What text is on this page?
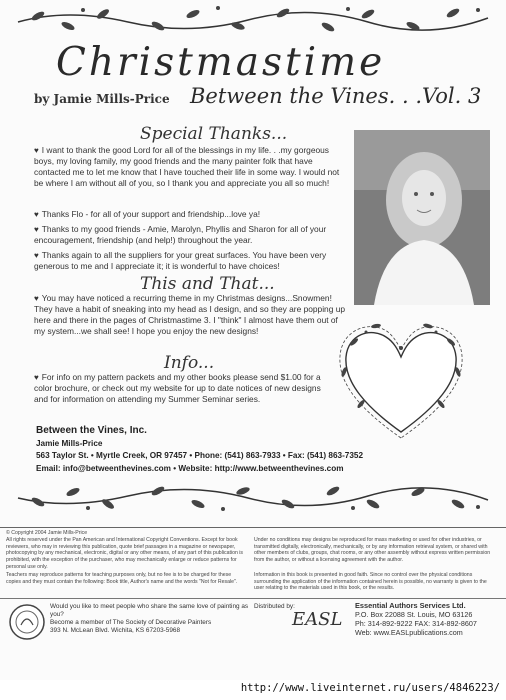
Christmastime
by Jamie Mills-Price Between the Vines. . .Vol. 3
Special Thanks...
♥ I want to thank the good Lord for all of the blessings in my life. . .my gorgeous boys, my loving family, my good friends and the many painter folk that have contacted me to let me know that I have touched their life in some way. I would not be where I am without all of you, so I thank you and appreciate you all so much!
♥ Thanks Flo - for all of your support and friendship...love ya!
♥ Thanks to my good friends - Amie, Marolyn, Phyllis and Sharon for all of your encouragement, friendship (and help!) throughout the year.
♥ Thanks again to all the suppliers for your great surfaces. You have been very generous to me and I appreciate it; it is wonderful to have choices!
This and That...
♥ You may have noticed a recurring theme in my Christmas designs...Snowmen! They have a habit of sneaking into my head as I design, and so they are popping up here and there in the pages of Christmastime 3. I "think" I almost have them out of my system...we shall see! I hope you enjoy the new designs!
Info...
♥ For info on my pattern packets and my other books please send $1.00 for a color brochure, or check out my website for up to date notices of new designs and for information on attending my Summer Seminar series.
Between the Vines, Inc.
Jamie Mills-Price
563 Taylor St. • Myrtle Creek, OR 97457 • Phone: (541) 863-7933 • Fax: (541) 863-7352
Email: info@betweenthevines.com • Website: http://www.betweenthevines.com
© Copyright 2004 Jamie Mills-Price
All rights reserved under the Pan American and International Copyright Conventions. Except for book reviewers, who may in reviewing this publication, quote brief passages in a magazine or newspaper, photocopying by any mechanical, electronic, digital or any other means, of any part of this publication is prohibited, with the exception of the purchaser, who may mechanically enlarge or reduce patterns for personal use only.
Teachers may reproduce patterns for teaching purposes only, but no fee is to be charged for these copies and they must contain the following: Book title, Author's name and the words "Not for Resale".
Under no conditions may designs be reproduced for mass marketing or used for other industries, or transmitted digitally, electronically, mechanically, or by any information retrieval system, or shared with other members of clubs, groups, chat rooms, or any other assembly without express written permission from the author, or without a licensing agreement with the author.
Information in this book is presented in good faith. Since no control over the physical conditions surrounding the application of the information contained herein is possible, no warranty is given to the user relating to the materials used in this book, or the results.
Would you like to meet people who share the same love of painting as you?
Become a member of The Society of Decorative Painters
393 N. McLean Blvd. Wichita, KS 67203-5968
Distributed by:
EASL
Essential Authors Services Ltd.
P.O. Box 22088 St. Louis, MO 63126
Ph: 314-892-9222 FAX: 314-892-8607
Web: www.EASLpublications.com
http://www.liveinternet.ru/users/4846223/
